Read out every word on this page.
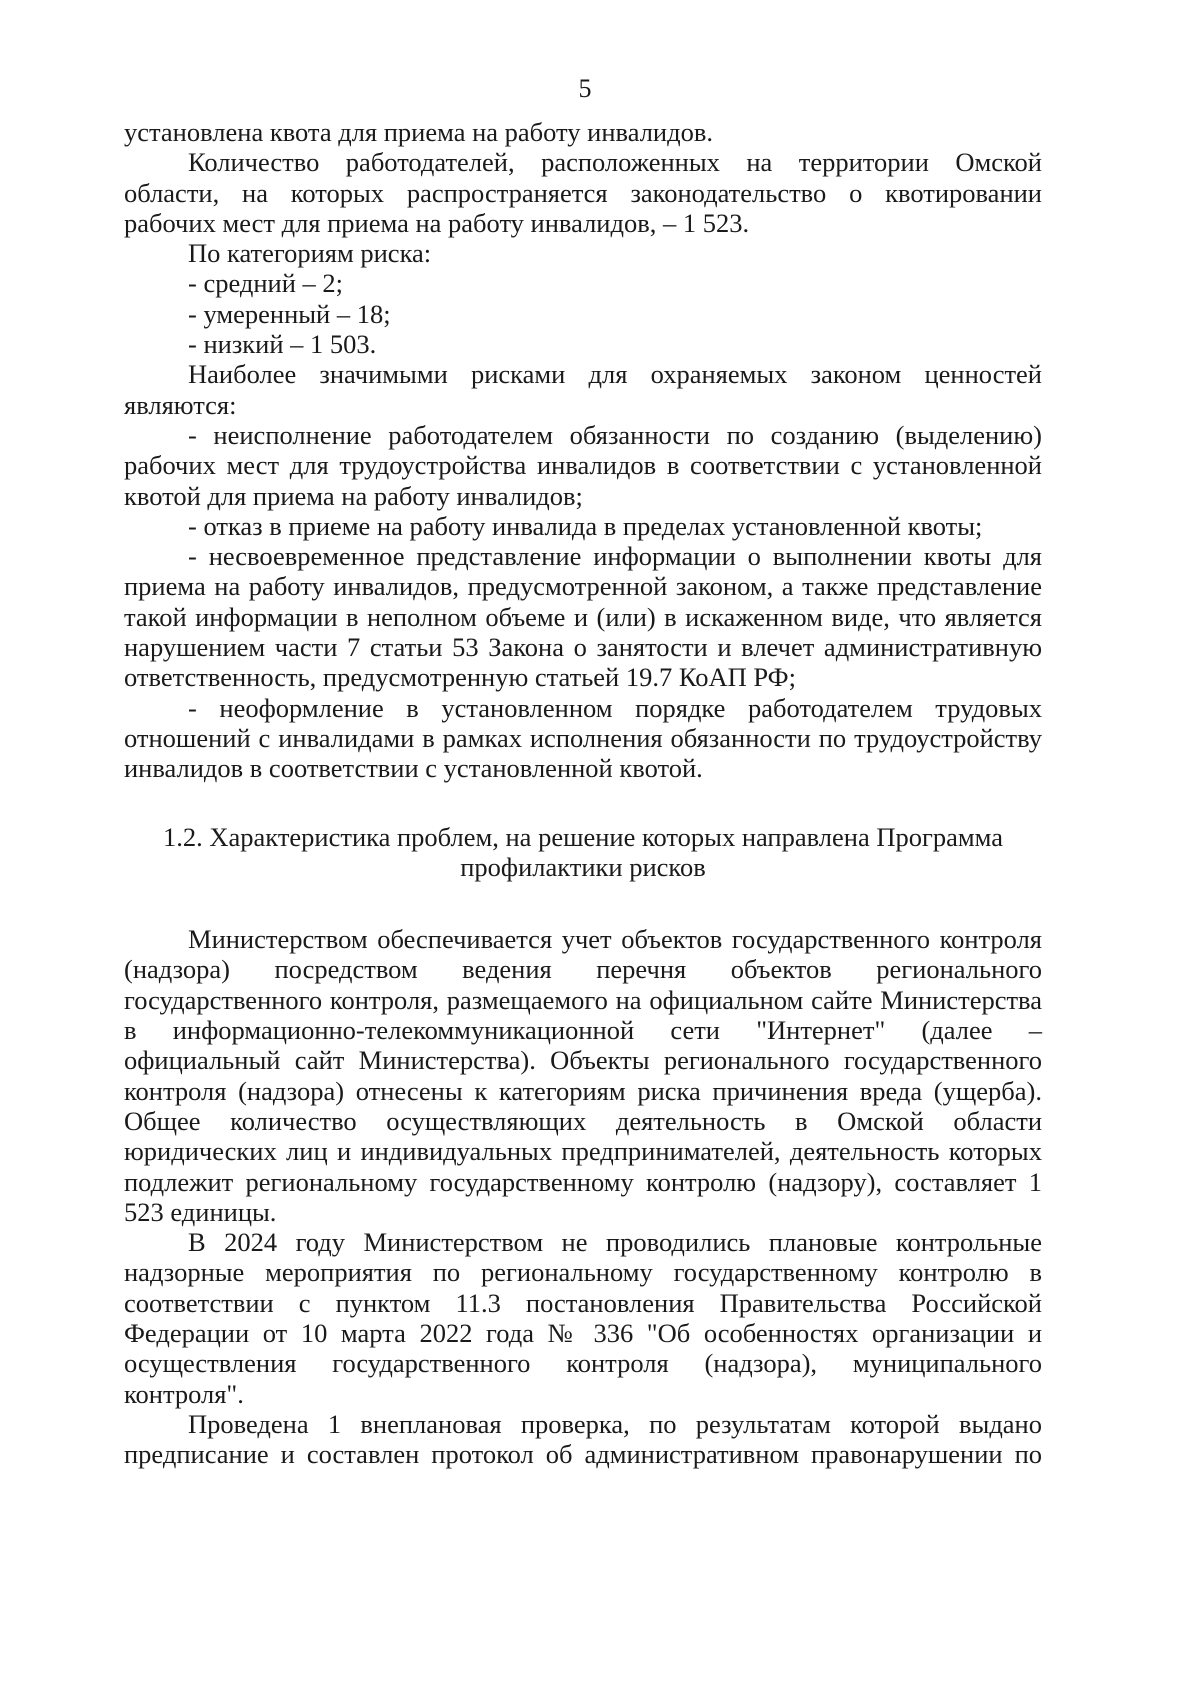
5

установлена квота для приема на работу инвалидов.

Количество работодателей, расположенных на территории Омской области, на которых распространяется законодательство о квотировании рабочих мест для приема на работу инвалидов, – 1 523.

По категориям риска:

- средний – 2;

- умеренный – 18;

- низкий – 1 503.

Наиболее значимыми рисками для охраняемых законом ценностей являются:

- неисполнение работодателем обязанности по созданию (выделению) рабочих мест для трудоустройства инвалидов в соответствии с установленной квотой для приема на работу инвалидов;

- отказ в приеме на работу инвалида в пределах установленной квоты;

- несвоевременное представление информации о выполнении квоты для приема на работу инвалидов, предусмотренной законом, а также представление такой информации в неполном объеме и (или) в искаженном виде, что является нарушением части 7 статьи 53 Закона о занятости и влечет административную ответственность, предусмотренную статьей 19.7 КоАП РФ;

- неоформление в установленном порядке работодателем трудовых отношений с инвалидами в рамках исполнения обязанности по трудоустройству инвалидов в соответствии с установленной квотой.

1.2. Характеристика проблем, на решение которых направлена Программа
профилактики рисков

Министерством обеспечивается учет объектов государственного контроля (надзора) посредством ведения перечня объектов регионального государственного контроля, размещаемого на официальном сайте Министерства в информационно-телекоммуникационной сети "Интернет" (далее – официальный сайт Министерства). Объекты регионального государственного контроля (надзора) отнесены к категориям риска причинения вреда (ущерба). Общее количество осуществляющих деятельность в Омской области юридических лиц и индивидуальных предпринимателей, деятельность которых подлежит региональному государственному контролю (надзору), составляет 1 523 единицы.

В 2024 году Министерством не проводились плановые контрольные надзорные мероприятия по региональному государственному контролю в соответствии с пунктом 11.3 постановления Правительства Российской Федерации от 10 марта 2022 года № 336 "Об особенностях организации и осуществления государственного контроля (надзора), муниципального контроля".

Проведена 1 внеплановая проверка, по результатам которой выдано предписание и составлен протокол об административном правонарушении по
